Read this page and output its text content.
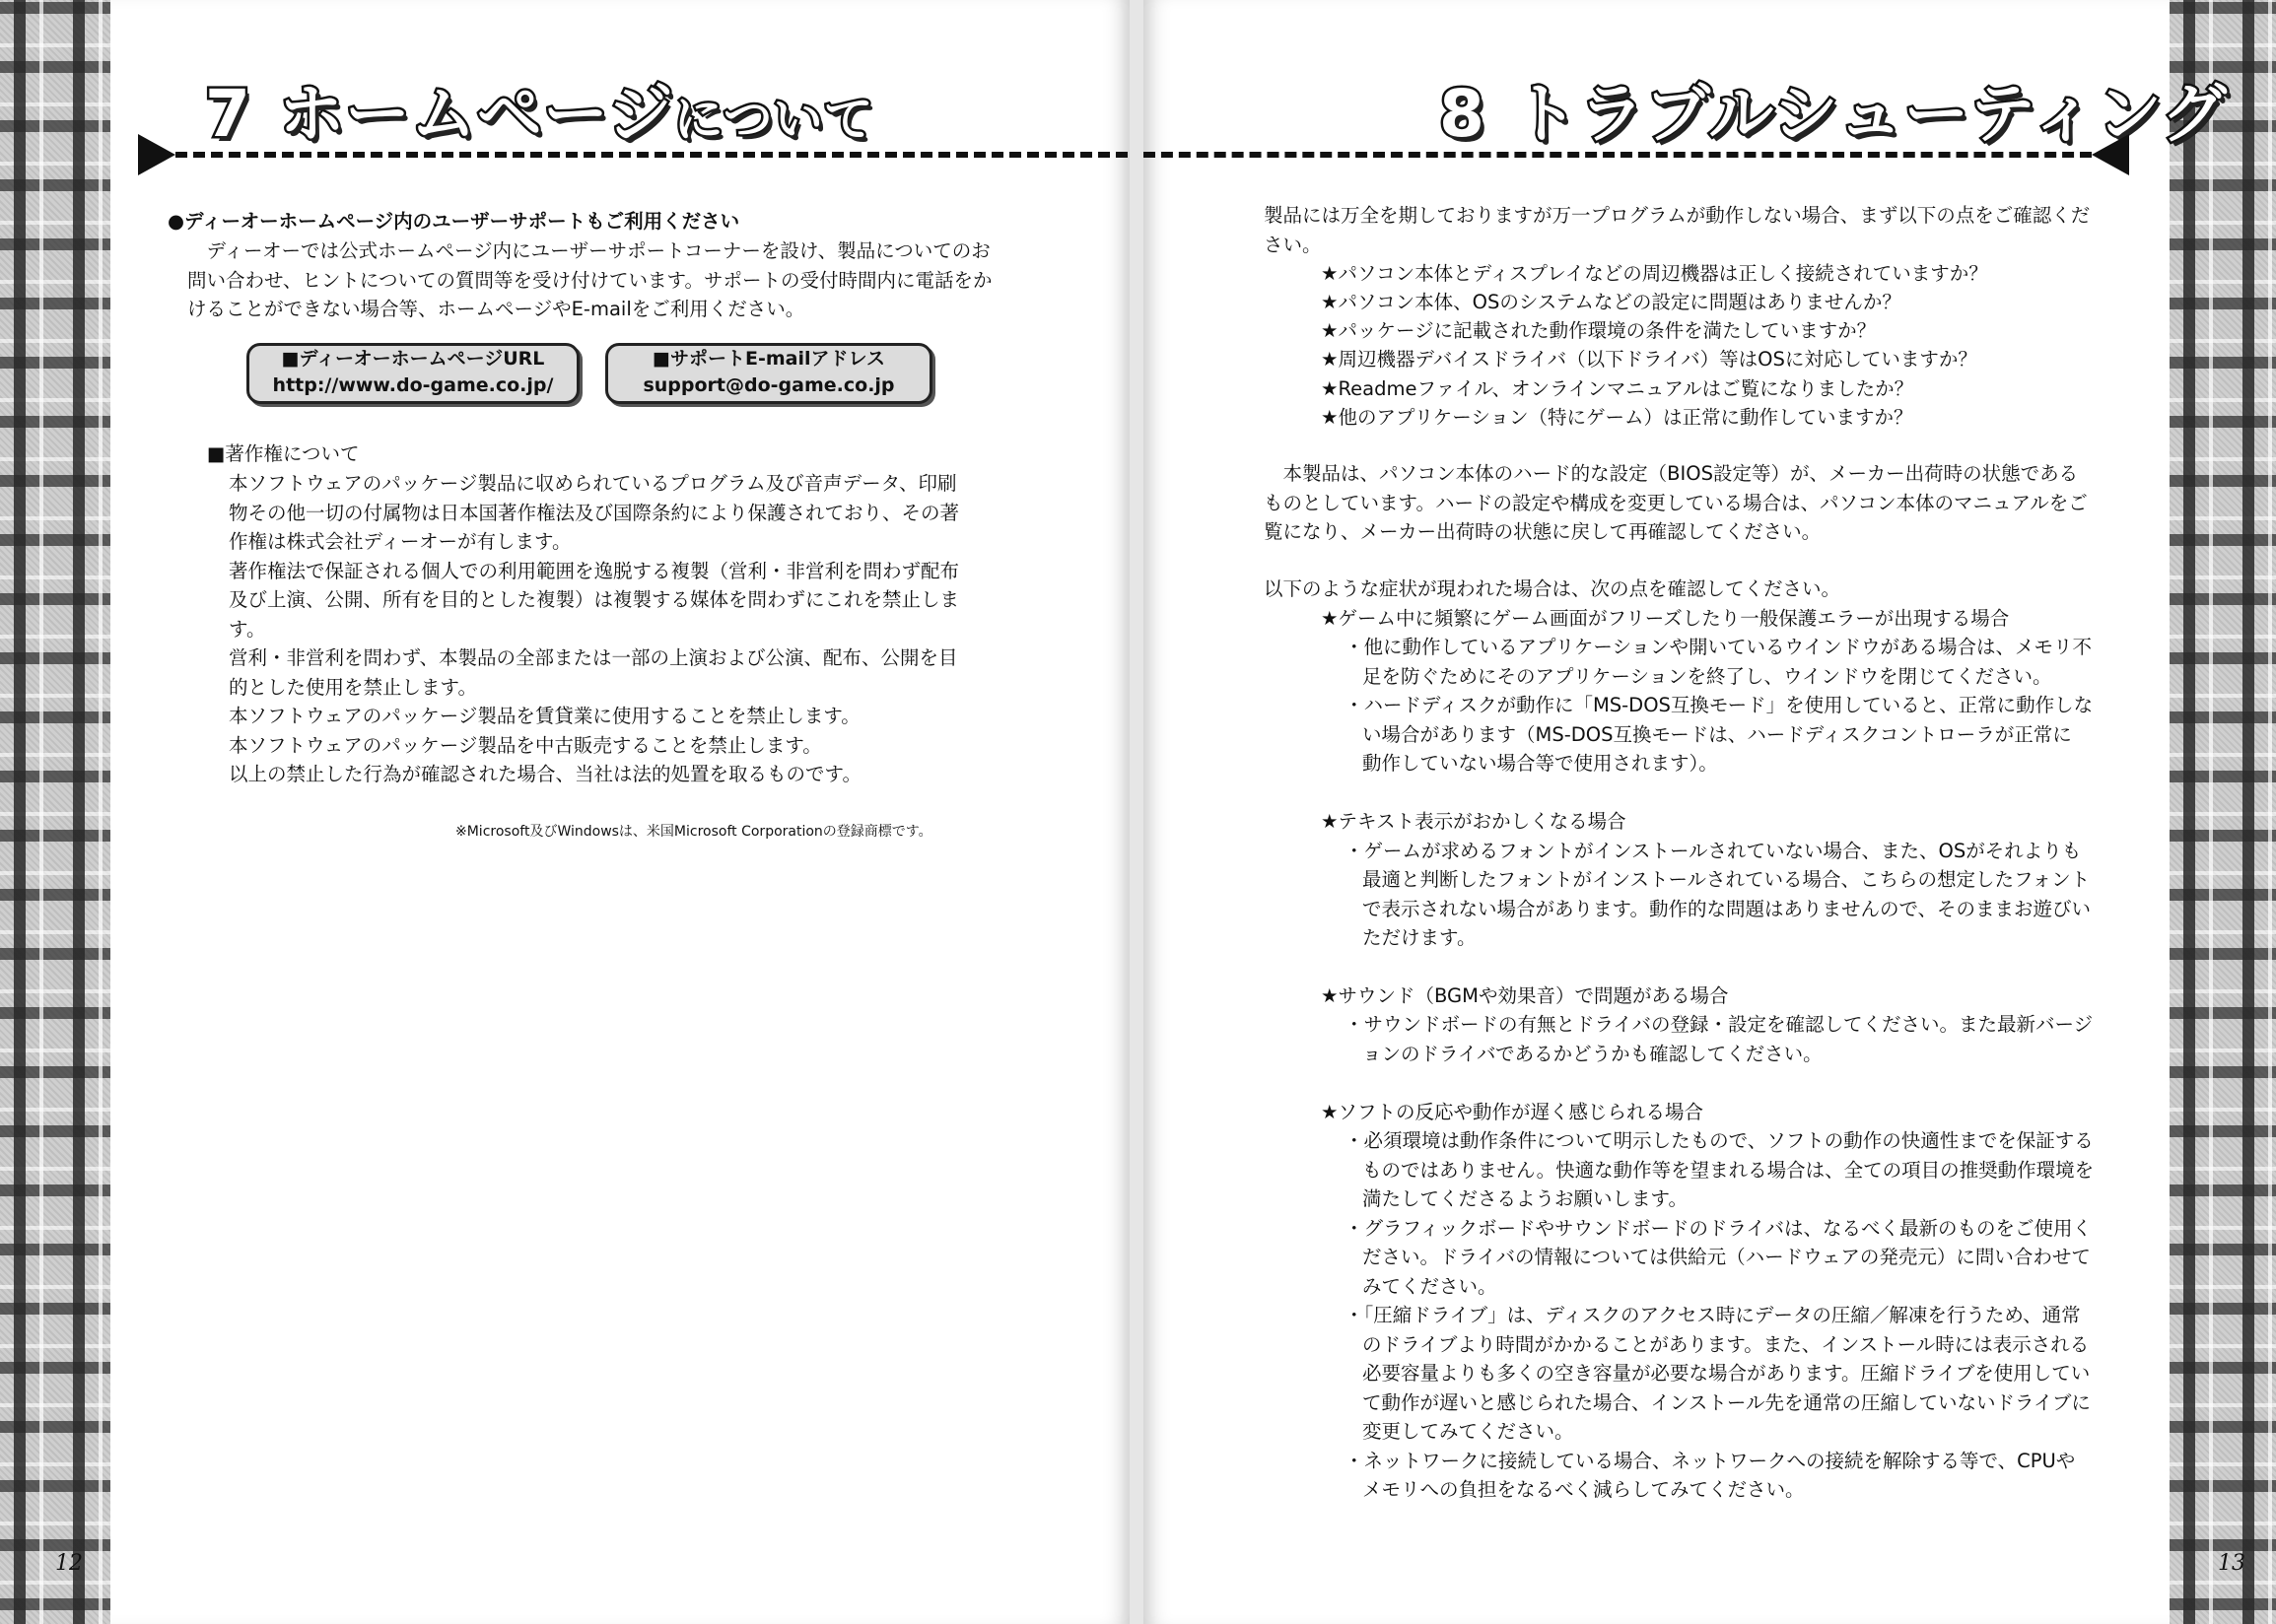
7 ホームページについて
●ディーオーホームページ内のユーザーサポートもご利用ください
　ディーオーでは公式ホームページ内にユーザーサポートコーナーを設け、製品についてのお
問い合わせ、ヒントについての質問等を受け付けています。サポートの受付時間内に電話をか
けることができない場合等、ホームページやE-mailをご利用ください。
■ディーオーホームページURL
http://www.do-game.co.jp/
■サポートE-mailアドレス
support@do-game.co.jp
■著作権について
本ソフトウェアのパッケージ製品に収められているプログラム及び音声データ、印刷
物その他一切の付属物は日本国著作権法及び国際条約により保護されており、その著
作権は株式会社ディーオーが有します。
著作権法で保証される個人での利用範囲を逸脱する複製（営利・非営利を問わず配布
及び上演、公開、所有を目的とした複製）は複製する媒体を問わずにこれを禁止しま
す。
営利・非営利を問わず、本製品の全部または一部の上演および公演、配布、公開を目
的とした使用を禁止します。
本ソフトウェアのパッケージ製品を賃貸業に使用することを禁止します。
本ソフトウェアのパッケージ製品を中古販売することを禁止します。
以上の禁止した行為が確認された場合、当社は法的処置を取るものです。
※Microsoft及びWindowsは、米国Microsoft Corporationの登録商標です。
12
8 トラブルシューティング
製品には万全を期しておりますが万一プログラムが動作しない場合、まず以下の点をご確認くだ
さい。
★パソコン本体とディスプレイなどの周辺機器は正しく接続されていますか？
★パソコン本体、OSのシステムなどの設定に問題はありませんか？
★パッケージに記載された動作環境の条件を満たしていますか？
★周辺機器デバイスドライバ（以下ドライバ）等はOSに対応していますか？
★Readmeファイル、オンラインマニュアルはご覧になりましたか？
★他のアプリケーション（特にゲーム）は正常に動作していますか？
　本製品は、パソコン本体のハード的な設定（BIOS設定等）が、メーカー出荷時の状態である
ものとしています。ハードの設定や構成を変更している場合は、パソコン本体のマニュアルをご
覧になり、メーカー出荷時の状態に戻して再確認してください。
以下のような症状が現われた場合は、次の点を確認してください。
★ゲーム中に頻繁にゲーム画面がフリーズしたり一般保護エラーが出現する場合
・他に動作しているアプリケーションや開いているウインドウがある場合は、メモリ不
足を防ぐためにそのアプリケーションを終了し、ウインドウを閉じてください。
・ハードディスクが動作に「MS-DOS互換モード」を使用していると、正常に動作しな
い場合があります（MS-DOS互換モードは、ハードディスクコントローラが正常に
動作していない場合等で使用されます）。
★テキスト表示がおかしくなる場合
・ゲームが求めるフォントがインストールされていない場合、また、OSがそれよりも
最適と判断したフォントがインストールされている場合、こちらの想定したフォント
で表示されない場合があります。動作的な問題はありませんので、そのままお遊びい
ただけます。
★サウンド（BGMや効果音）で問題がある場合
・サウンドボードの有無とドライバの登録・設定を確認してください。また最新バージ
ョンのドライバであるかどうかも確認してください。
★ソフトの反応や動作が遅く感じられる場合
・必須環境は動作条件について明示したもので、ソフトの動作の快適性までを保証する
ものではありません。快適な動作等を望まれる場合は、全ての項目の推奨動作環境を
満たしてくださるようお願いします。
・グラフィックボードやサウンドボードのドライバは、なるべく最新のものをご使用く
ださい。ドライバの情報については供給元（ハードウェアの発売元）に問い合わせて
みてください。
・「圧縮ドライブ」は、ディスクのアクセス時にデータの圧縮／解凍を行うため、通常
のドライブより時間がかかることがあります。また、インストール時には表示される
必要容量よりも多くの空き容量が必要な場合があります。圧縮ドライブを使用してい
て動作が遅いと感じられた場合、インストール先を通常の圧縮していないドライブに
変更してみてください。
・ネットワークに接続している場合、ネットワークへの接続を解除する等で、CPUや
メモリへの負担をなるべく減らしてみてください。
13
